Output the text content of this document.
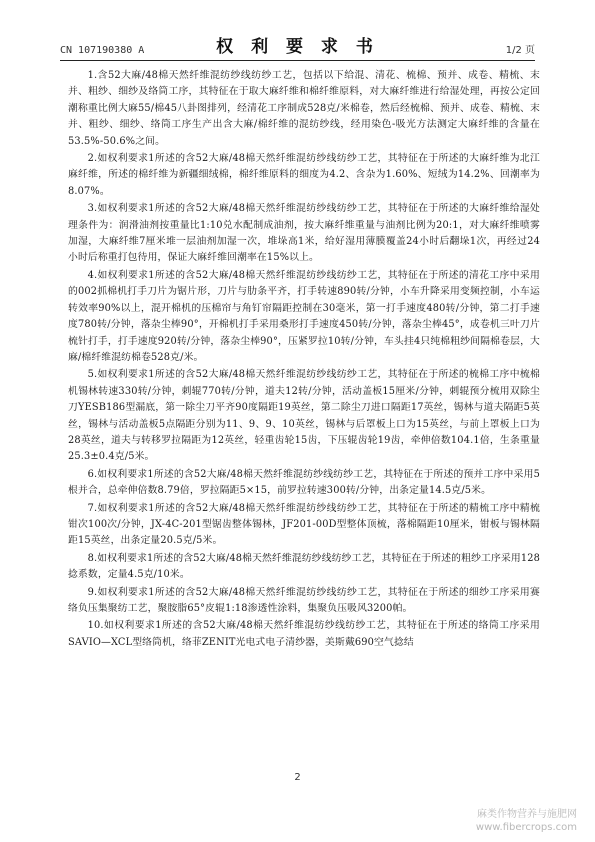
CN 107190380 A	权 利 要 求 书	1/2 页

1.含52大麻/48棉天然纤维混纺纱线纺纱工艺，包括以下给混、清花、梳棉、预并、成卷、精梳、末并、粗纱、细纱及络筒工序，其特征在于取大麻纤维和棉纤维原料，对大麻纤维进行给湿处理，再按公定回潮称重比例大麻55/棉45八卦图排列，经清花工序制成528克/米棉卷，然后经梳棉、预并、成卷、精梳、末并、粗纱、细纱、络筒工序生产出含大麻/棉纤维的混纺纱线，经用染色-吸光方法测定大麻纤维的含量在53.5%-50.6%之间。

2.如权利要求1所述的含52大麻/48棉天然纤维混纺纱线纺纱工艺，其特征在于所述的大麻纤维为北江麻纤维，所述的棉纤维为新疆细绒棉，棉纤维原料的细度为4.2、含杂为1.60%、短绒为14.2%、回潮率为8.07%。

3.如权利要求1所述的含52大麻/48棉天然纤维混纺纱线纺纱工艺，其特征在于所述的大麻纤维给湿处理条件为：润滑油剂按重量比1:10兑水配制成油剂，按大麻纤维重量与油剂比例为20:1，对大麻纤维喷雾加湿，大麻纤维7厘米堆一层油剂加湿一次，堆垛高1米，给好湿用薄膜覆盖24小时后翻垛1次，再经过24小时后称重打包待用，保证大麻纤维回潮率在15%以上。

4.如权利要求1所述的含52大麻/48棉天然纤维混纺纱线纺纱工艺，其特征在于所述的清花工序中采用的002抓棉机打手刀片为锯片形，刀片与肋条平齐，打手转速890转/分钟，小车升降采用变频控制，小车运转效率90%以上，混开棉机的压棉帘与角钉帘隔距控制在30毫米，第一打手速度480转/分钟，第二打手速度780转/分钟，落杂尘棒90°，开棉机打手采用桑形打手速度450转/分钟，落杂尘棒45°，成卷机三叶刀片梳针打手，打手速度920转/分钟，落杂尘棒90°，压紧罗拉10转/分钟，车头挂4只纯棉粗纱间隔棉卷层，大麻/棉纤维混纺棉卷528克/米。

5.如权利要求1所述的含52大麻/48棉天然纤维混纺纱线纺纱工艺，其特征在于所述的梳棉工序中梳棉机锡林转速330转/分钟，刺辊770转/分钟，道夫12转/分钟，活动盖板15厘米/分钟，刺辊预分梳用双除尘刀YESB186型漏底，第一除尘刀平齐90度隔距19英丝，第二除尘刀进口隔距17英丝，锡林与道夫隔距5英丝，锡林与活动盖板5点隔距分别为11、9、9、10英丝，锡林与后罩板上口为15英丝，与前上罩板上口为28英丝，道夫与转移罗拉隔距为12英丝，轻重齿轮15齿，下压辊齿轮19齿，牵伸倍数104.1倍，生条重量25.3±0.4克/5米。

6.如权利要求1所述的含52大麻/48棉天然纤维混纺纱线纺纱工艺，其特征在于所述的预并工序中采用5根并合，总牵伸倍数8.79倍，罗拉隔距5×15，前罗拉转速300转/分钟，出条定量14.5克/5米。

7.如权利要求1所述的含52大麻/48棉天然纤维混纺纱线纺纱工艺，其特征在于所述的精梳工序中精梳钳次100次/分钟，JX-4C-201型锯齿整体锡林，JF201-00D型整体顶梳，落棉隔距10厘米，钳板与锡林隔距15英丝，出条定量20.5克/5米。

8.如权利要求1所述的含52大麻/48棉天然纤维混纺纱线纺纱工艺，其特征在于所述的粗纱工序采用128捻系数，定量4.5克/10米。

9.如权利要求1所述的含52大麻/48棉天然纤维混纺纱线纺纱工艺，其特征在于所述的细纱工序采用赛络负压集聚纺工艺，聚胺脂65°皮辊1:18渗透性涂料，集聚负压吸风3200帕。

10.如权利要求1所述的含52大麻/48棉天然纤维混纺纱线纺纱工艺，其特征在于所述的络筒工序采用SAVIO—XCL型络筒机，络菲ZENIT光电式电子清纱器，美斯戴690空气捻结

2
麻类作物营养与施肥网
www.fibercrops.com
